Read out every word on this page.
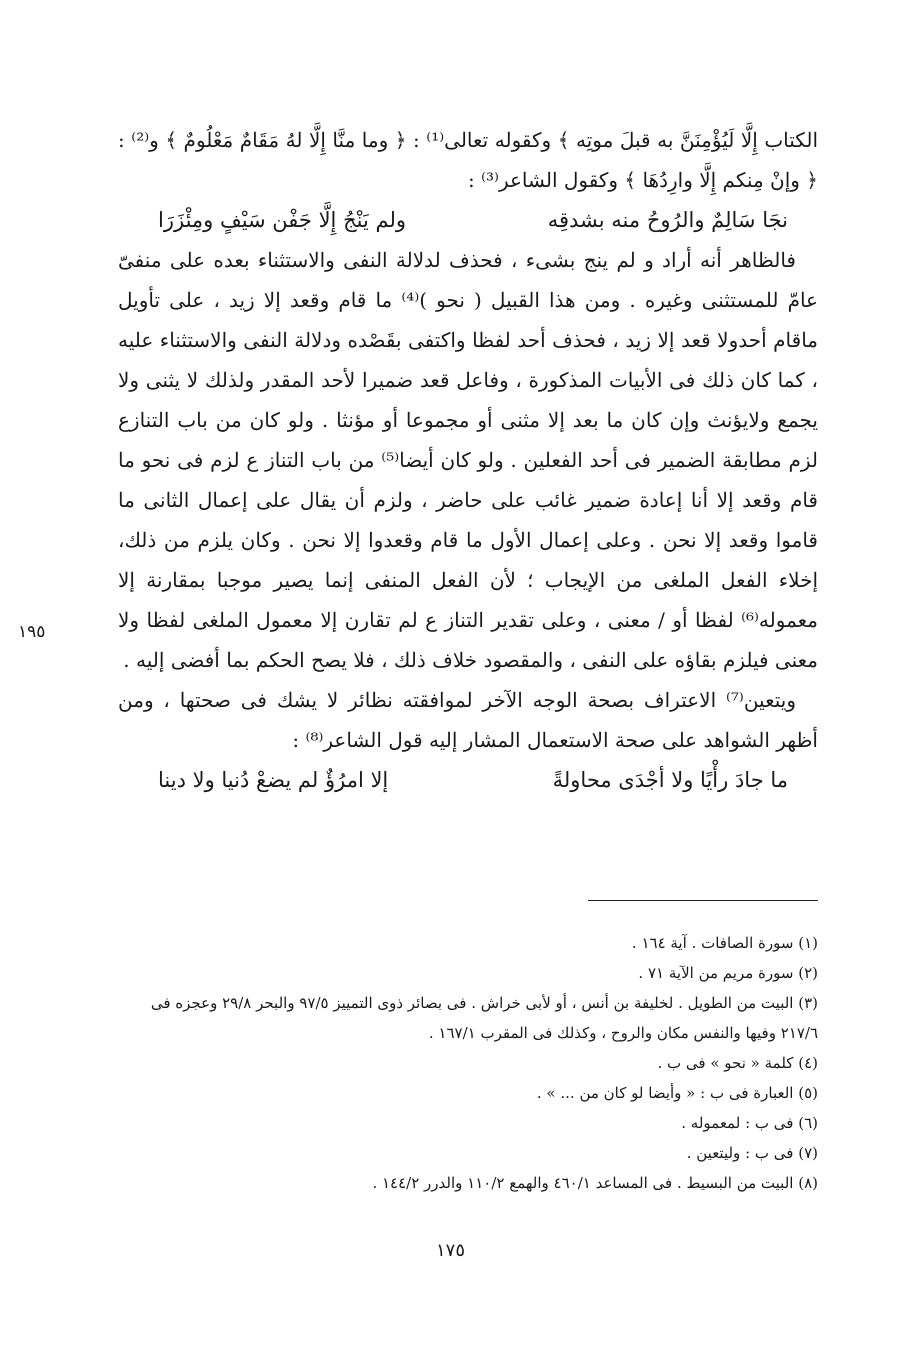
الكتاب إِلَّا لَيُؤْمِنَنَّ به قبلَ موتِه ﴾ وكقوله تعالى⁽¹⁾ : ﴿ وما منَّا إِلَّا لهُ مَقَامٌ مَعْلُومٌ ﴾ و⁽²⁾ : ﴿ وإنْ مِنكم إِلَّا وارِدُهَا ﴾ وكقول الشاعر⁽³⁾ :

نجَا سَالِمٌ والرُوحُ منه بشدقِه
ولم يَنْجُ إِلَّا جَفْن سَيْفٍ ومِئْزَرَا

فالظاهر أنه أراد و لم ينج بشىء ، فحذف لدلالة النفى والاستثناء بعده على منفىّ عامّ للمستثنى وغيره . ومن هذا القبيل ( نحو )⁽⁴⁾ ما قام وقعد إلا زيد ، على تأويل ماقام أحدولا قعد إلا زيد ، فحذف أحد لفظا واكتفى بقَصْده ودلالة النفى والاستثناء عليه ، كما كان ذلك فى الأبيات المذكورة ، وفاعل قعد ضميرا لأحد المقدر ولذلك لا يثنى ولا يجمع ولايؤنث وإن كان ما بعد إلا مثنى أو مجموعا أو مؤنثا . ولو كان من باب التنازع لزم مطابقة الضمير فى أحد الفعلين . ولو كان أيضا⁽⁵⁾ من باب التناز ع لزم فى نحو ما قام وقعد إلا أنا إعادة ضمير غائب على حاضر ، ولزم أن يقال على إعمال الثانى ما قاموا وقعد إلا نحن . وعلى إعمال الأول ما قام وقعدوا إلا نحن . وكان يلزم من ذلك، إخلاء الفعل الملغى من الإيجاب ؛ لأن الفعل المنفى إنما يصير موجبا بمقارنة إلا معموله⁽⁶⁾ لفظا أو / معنى ، وعلى تقدير التناز ع لم تقارن إلا معمول الملغى لفظا ولا معنى فيلزم بقاؤه على النفى ، والمقصود خلاف ذلك ، فلا يصح الحكم بما أفضى إليه .

ويتعين⁽⁷⁾ الاعتراف بصحة الوجه الآخر لموافقته نظائر لا يشك فى صحتها ، ومن أظهر الشواهد على صحة الاستعمال المشار إليه قول الشاعر⁽⁸⁾ :

ما جادَ رأْيًا ولا أجْدَى محاولةً
إلا امرُؤٌ لم يضعْ دُنيا ولا دينا
١٩٥

(١) سورة الصافات . آية ١٦٤ .

(٢) سورة مريم من الآية ٧١ .

(٣) البيت من الطويل . لخليفة بن أنس ، أو لأبى خراش . فى بصائر ذوى التمييز ٩٧/٥ والبحر ٢٩/٨ وعجزه فى ٢١٧/٦ وفيها والنفس مكان والروح ، وكذلك فى المقرب ١٦٧/١ .

(٤) كلمة « نحو » فى ب .

(٥) العبارة فى ب : « وأيضا لو كان من ... » .

(٦) فى ب : لمعموله .

(٧) فى ب : وليتعين .

(٨) البيت من البسيط . فى المساعد ٤٦٠/١ والهمع ١١٠/٢ والدرر ١٤٤/٢ .

١٧٥
